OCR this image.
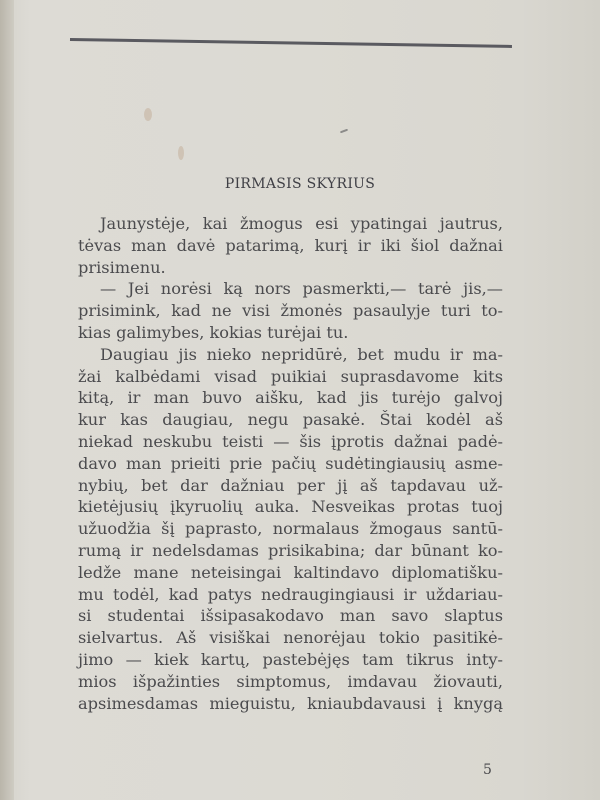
PIRMASIS SKYRIUS
Jaunystėje, kai žmogus esi ypatingai jautrus,
tėvas man davė patarimą, kurį ir iki šiol dažnai
prisimenu.
— Jei norėsi ką nors pasmerkti,— tarė jis,—
prisimink, kad ne visi žmonės pasaulyje turi to-
kias galimybes, kokias turėjai tu.
Daugiau jis nieko nepridūrė, bet mudu ir ma-
žai kalbėdami visad puikiai suprasdavome kits
kitą, ir man buvo aišku, kad jis turėjo galvoj
kur kas daugiau, negu pasakė. Štai kodėl aš
niekad neskubu teisti — šis įprotis dažnai padė-
davo man prieiti prie pačių sudėtingiausių asme-
nybių, bet dar dažniau per jį aš tapdavau už-
kietėjusių įkyruolių auka. Nesveikas protas tuoj
užuodžia šį paprasto, normalaus žmogaus santū-
rumą ir nedelsdamas prisikabina; dar būnant ko-
ledže mane neteisingai kaltindavo diplomatišku-
mu todėl, kad patys nedraugingiausi ir uždariau-
si studentai išsipasakodavo man savo slaptus
sielvartus. Aš visiškai nenorėjau tokio pasitikė-
jimo — kiek kartų, pastebėjęs tam tikrus inty-
mios išpažinties simptomus, imdavau žiovauti,
apsimesdamas mieguistu, kniaubdavausi į knygą
5
